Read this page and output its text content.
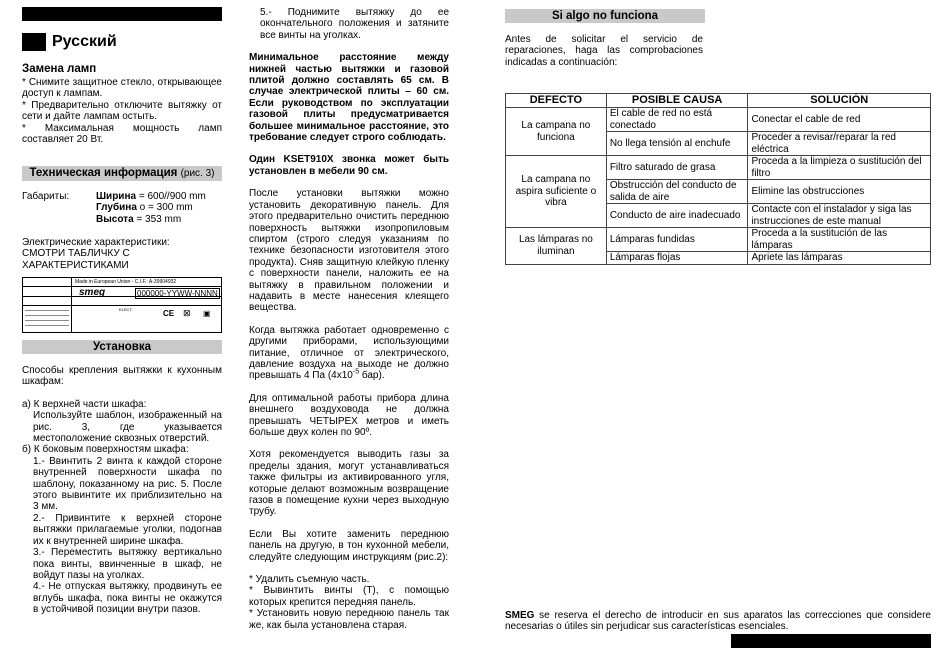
Русский
Замена ламп

* Снимите защитное стекло, открывающее доступ к лампам.

* Предварительно отключите вытяжку от сети и дайте лампам остыть.

* Максимальная мощность ламп составляет 20 Вт.

Техническая информация (рис. 3)
Габариты:	Ширина = 600//900 mm
Глубина о = 300 mm
Высота = 353 mm
Электрические характеристики:
СМОТРИ ТАБЛИЧКУ С
ХАРАКТЕРИСТИКАМИ
Made in European Union - C.I.F.: A-39904932
smeg	000000-YYWW-NNNN
ELECT.	CE ⊠ ▣
Установка

Способы крепления вытяжки к кухонным шкафам:

а) К верхней части шкафа:

Используйте шаблон, изображенный на рис. 3, где указывается местоположение сквозных отверстий.

б) К боковым поверхностям шкафа:

1.- Ввинтить 2 винта к каждой стороне внутренней поверхности шкафа по шаблону, показанному на рис. 5. После этого вывинтите их приблизительно на 3 мм.

2.- Привинтите к верхней стороне вытяжки прилагаемые уголки, подогнав их к внутренней ширине шкафа.

3.- Переместить вытяжку вертикально пока винты, ввинченные в шкаф, не войдут пазы на уголках.

4.- Не отпуская вытяжку, продвинуть ее вглубь шкафа, пока винты не окажутся в устойчивой позиции внутри пазов.

5.- Поднимите вытяжку до ее окончательного положения и затяните все винты на уголках.

Минимальное расстояние между нижней частью вытяжки и газовой плитой должно составлять 65 см. В случае электрической плиты – 60 см. Если руководством по эксплуатации газовой плиты предусматривается большее минимальное расстояние, это требование следует строго соблюдать.

Один KSET910X звонка может быть установлен в мебели 90 см.

После установки вытяжки можно установить декоративную панель. Для этого предварительно очистить переднюю поверхность вытяжки изопропиловым спиртом (строго следуя указаниям по технике безопасности изготовителя этого продукта). Сняв защитную клейкую пленку с поверхности панели, наложить ее на вытяжку в правильном положении и надавить в месте нанесения клеящего вещества.

Когда вытяжка работает одновременно с другими приборами, использующими питание, отличное от электрического, давление воздуха на выходе не должно превышать 4 Па ($4x10^{-5}$ бар).

Для оптимальной работы прибора длина внешнего воздуховода не должна превышать ЧЕТЫРЕХ метров и иметь больше двух колен по 90º.

Хотя рекомендуется выводить газы за пределы здания, могут устанавливаться также фильтры из активированного угля, которые делают возможным возвращение газов в помещение кухни через выходную трубу.

Если Вы хотите заменить переднюю панель на другую, в тон кухонной мебели, следуйте следующим инструкциям (рис.2):

* Удалить съемную часть.

* Вывинтить винты (Т), с помощью которых крепится передняя панель.

* Установить новую переднюю панель так же, как была установлена старая.

Si algo no funciona

Antes de solicitar el servicio de reparaciones, haga las comprobaciones indicadas a continuación:

DEFECTO	POSIBLE CAUSA	SOLUCIÓN
La campana no funciona	El cable de red no está conectado	Conectar el cable de red
	No llega tensión al enchufe	Proceder a revisar/reparar la red eléctrica
La campana no aspira suficiente o vibra	Filtro saturado de grasa	Proceda a la limpieza o sustitución del filtro
	Obstrucción del conducto de salida de aire	Elimine las obstrucciones
	Conducto de aire inadecuado	Contacte con el instalador y siga las instrucciones de este manual
Las lámparas no iluminan	Lámparas fundidas	Proceda a la sustitución de las lámparas
	Lámparas flojas	Apriete las lámparas

SMEG se reserva el derecho de introducir en sus aparatos las correcciones que considere necesarias o útiles sin perjudicar sus características esenciales.
